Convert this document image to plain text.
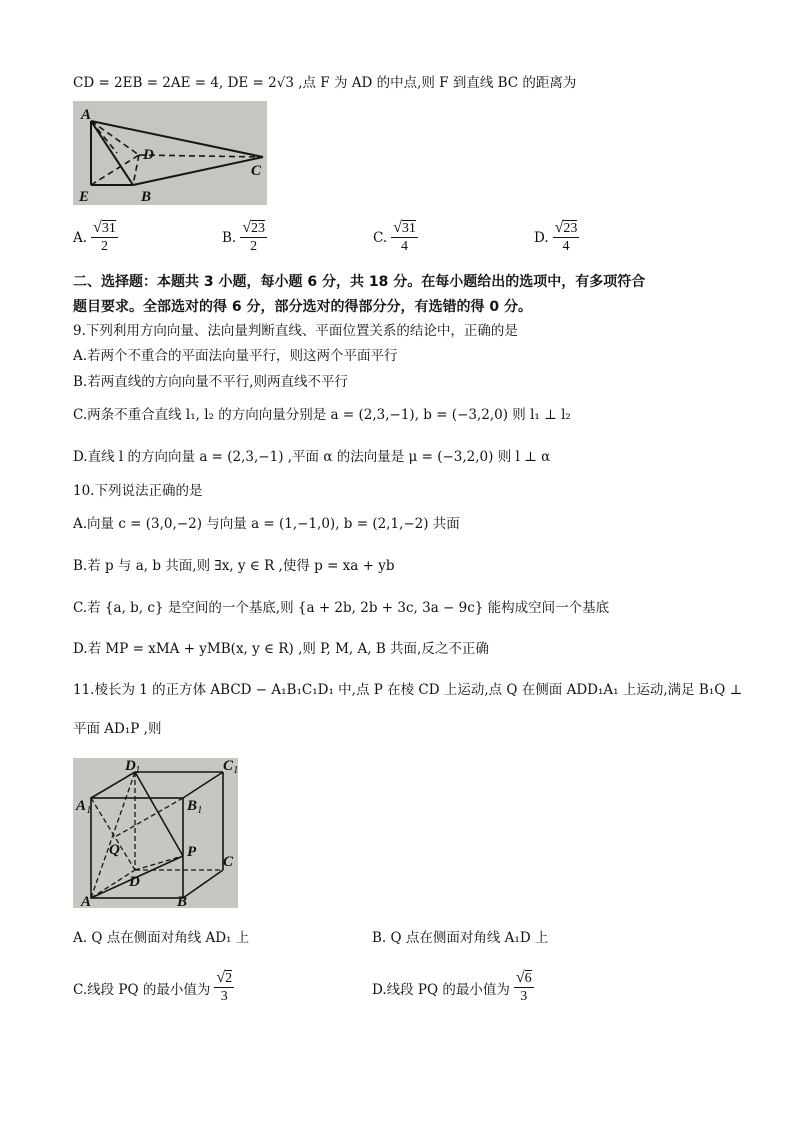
CD = 2EB = 2AE = 4, DE = 2√3 ,点 F 为 AD 的中点,则 F 到直线 BC 的距离为
A
D
C
E	B
A. $\frac{√ 31}{2}$	B. $\frac{√ 23}{2}$	C. $\frac{√ 31}{4}$	D. $\frac{√ 23}{4}$
二、选择题：本题共 3 小题，每小题 6 分，共 18 分。在每小题给出的选项中，有多项符合
题目要求。全部选对的得 6 分，部分选对的得部分分，有选错的得 0 分。
9.下列利用方向向量、法向量判断直线、平面位置关系的结论中，正确的是
A.若两个不重合的平面法向量平行，则这两个平面平行
B.若两直线的方向向量不平行,则两直线不平行
C.两条不重合直线 l₁, l₂ 的方向向量分别是 a = (2,3,−1), b = (−3,2,0) 则 l₁ ⊥ l₂
D.直线 l 的方向向量 a = (2,3,−1) ,平面 α 的法向量是 μ = (−3,2,0) 则 l ⊥ α
10.下列说法正确的是
A.向量 c = (3,0,−2) 与向量 a = (1,−1,0), b = (2,1,−2) 共面
B.若 p 与 a, b 共面,则 ∃x, y ∈ R ,使得 p = xa + yb
C.若 {a, b, c} 是空间的一个基底,则 {a + 2b, 2b + 3c, 3a − 9c} 能构成空间一个基底
D.若 MP = xMA + yMB(x, y ∈ R) ,则 P, M, A, B 共面,反之不正确
11.棱长为 1 的正方体 ABCD − A₁B₁C₁D₁ 中,点 P 在棱 CD 上运动,点 Q 在侧面 ADD₁A₁ 上运动,满足 B₁Q ⊥
平面 AD₁P ,则
D 1	C 1
A 1	B 1
Q	P
D
C
A	B
A. Q 点在侧面对角线 AD₁ 上	B. Q 点在侧面对角线 A₁D 上
C.线段 PQ 的最小值为 $\frac{√ 2}{3}$	D.线段 PQ 的最小值为 $\frac{√ 6}{3}$
